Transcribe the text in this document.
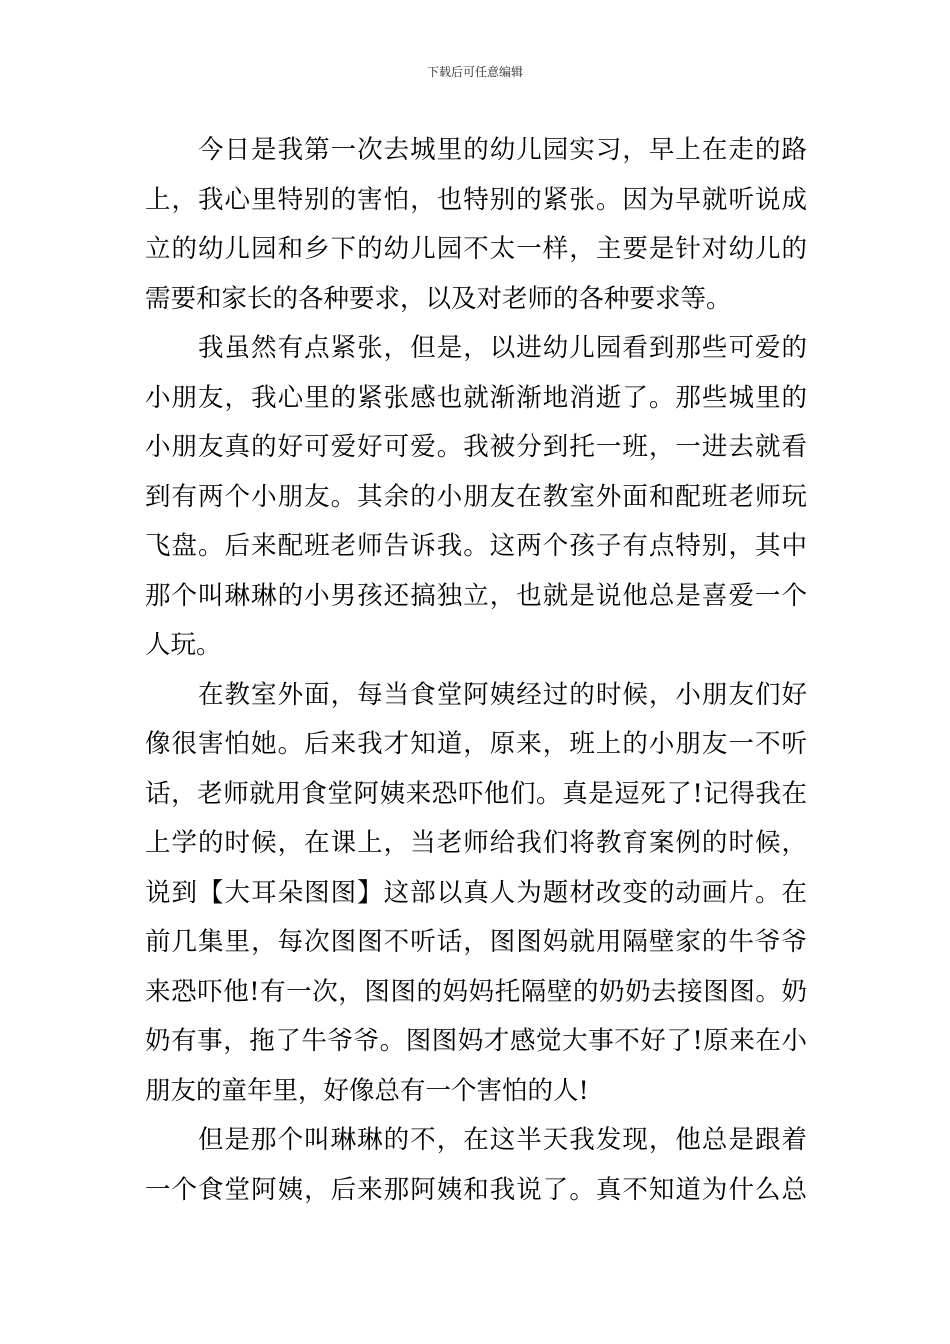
下载后可任意编辑
今日是我第一次去城里的幼儿园实习，早上在走的路
上，我心里特别的害怕，也特别的紧张。因为早就听说成
立的幼儿园和乡下的幼儿园不太一样，主要是针对幼儿的
需要和家长的各种要求，以及对老师的各种要求等。
我虽然有点紧张，但是，以进幼儿园看到那些可爱的
小朋友，我心里的紧张感也就渐渐地消逝了。那些城里的
小朋友真的好可爱好可爱。我被分到托一班，一进去就看
到有两个小朋友。其余的小朋友在教室外面和配班老师玩
飞盘。后来配班老师告诉我。这两个孩子有点特别，其中
那个叫琳琳的小男孩还搞独立，也就是说他总是喜爱一个
人玩。
在教室外面，每当食堂阿姨经过的时候，小朋友们好
像很害怕她。后来我才知道，原来，班上的小朋友一不听
话，老师就用食堂阿姨来恐吓他们。真是逗死了!记得我在
上学的时候，在课上，当老师给我们将教育案例的时候，
说到【大耳朵图图】这部以真人为题材改变的动画片。在
前几集里，每次图图不听话，图图妈就用隔壁家的牛爷爷
来恐吓他!有一次，图图的妈妈托隔壁的奶奶去接图图。奶
奶有事，拖了牛爷爷。图图妈才感觉大事不好了!原来在小
朋友的童年里，好像总有一个害怕的人!
但是那个叫琳琳的不，在这半天我发现，他总是跟着
一个食堂阿姨，后来那阿姨和我说了。真不知道为什么总
